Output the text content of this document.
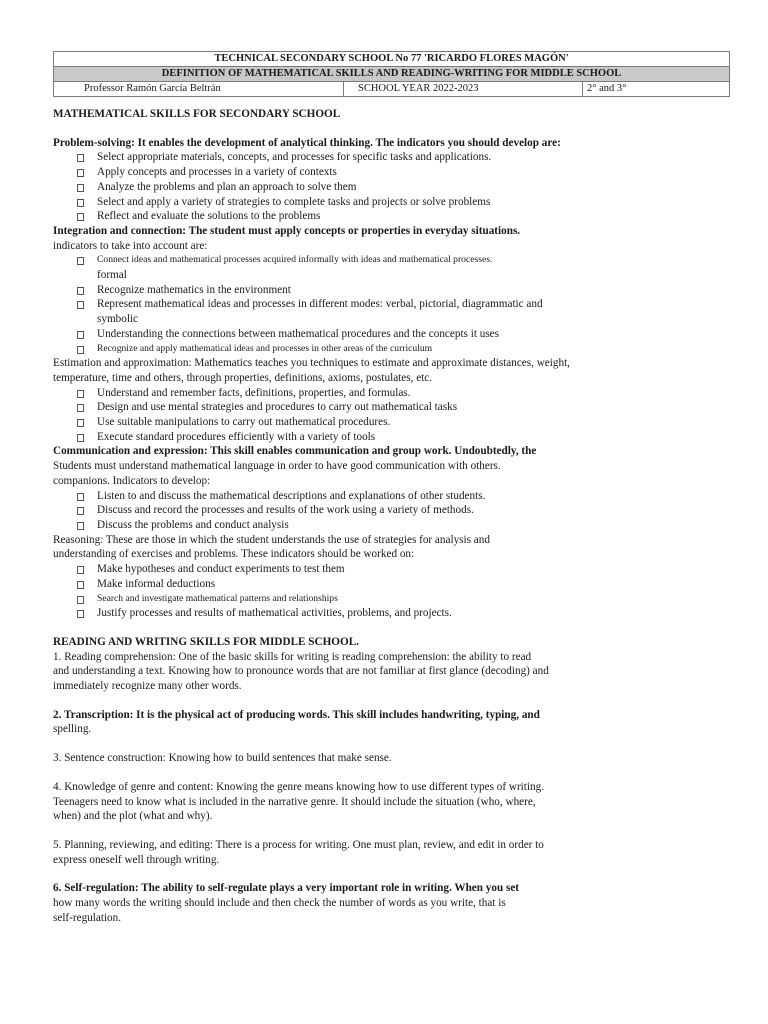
TECHNICAL SECONDARY SCHOOL No 77 'RICARDO FLORES MAGÓN'
DEFINITION OF MATHEMATICAL SKILLS AND READING-WRITING FOR MIDDLE SCHOOL
Professor Ramón García Beltrán	SCHOOL YEAR 2022-2023	2° and 3°

MATHEMATICAL SKILLS FOR SECONDARY SCHOOL

Problem-solving: It enables the development of analytical thinking. The indicators you should develop are:

Select appropriate materials, concepts, and processes for specific tasks and applications.
Apply concepts and processes in a variety of contexts
Analyze the problems and plan an approach to solve them
Select and apply a variety of strategies to complete tasks and projects or solve problems
Reflect and evaluate the solutions to the problems

Integration and connection: The student must apply concepts or properties in everyday situations.

indicators to take into account are:

Connect ideas and mathematical processes acquired informally with ideas and mathematical processes.
formal
Recognize mathematics in the environment
Represent mathematical ideas and processes in different modes: verbal, pictorial, diagrammatic and
symbolic
Understanding the connections between mathematical procedures and the concepts it uses
Recognize and apply mathematical ideas and processes in other areas of the curriculum

Estimation and approximation: Mathematics teaches you techniques to estimate and approximate distances, weight,

temperature, time and others, through properties, definitions, axioms, postulates, etc.

Understand and remember facts, definitions, properties, and formulas.
Design and use mental strategies and procedures to carry out mathematical tasks
Use suitable manipulations to carry out mathematical procedures.
Execute standard procedures efficiently with a variety of tools

Communication and expression: This skill enables communication and group work. Undoubtedly, the

Students must understand mathematical language in order to have good communication with others.

companions. Indicators to develop:

Listen to and discuss the mathematical descriptions and explanations of other students.
Discuss and record the processes and results of the work using a variety of methods.
Discuss the problems and conduct analysis

Reasoning: These are those in which the student understands the use of strategies for analysis and

understanding of exercises and problems. These indicators should be worked on:

Make hypotheses and conduct experiments to test them
Make informal deductions
Search and investigate mathematical patterns and relationships
Justify processes and results of mathematical activities, problems, and projects.

READING AND WRITING SKILLS FOR MIDDLE SCHOOL.

1. Reading comprehension: One of the basic skills for writing is reading comprehension: the ability to read

and understanding a text. Knowing how to pronounce words that are not familiar at first glance (decoding) and

immediately recognize many other words.

2. Transcription: It is the physical act of producing words. This skill includes handwriting, typing, and

spelling.

3. Sentence construction: Knowing how to build sentences that make sense.

4. Knowledge of genre and content: Knowing the genre means knowing how to use different types of writing.

Teenagers need to know what is included in the narrative genre. It should include the situation (who, where,

when) and the plot (what and why).

5. Planning, reviewing, and editing: There is a process for writing. One must plan, review, and edit in order to

express oneself well through writing.

6. Self-regulation: The ability to self-regulate plays a very important role in writing. When you set

how many words the writing should include and then check the number of words as you write, that is

self-regulation.
